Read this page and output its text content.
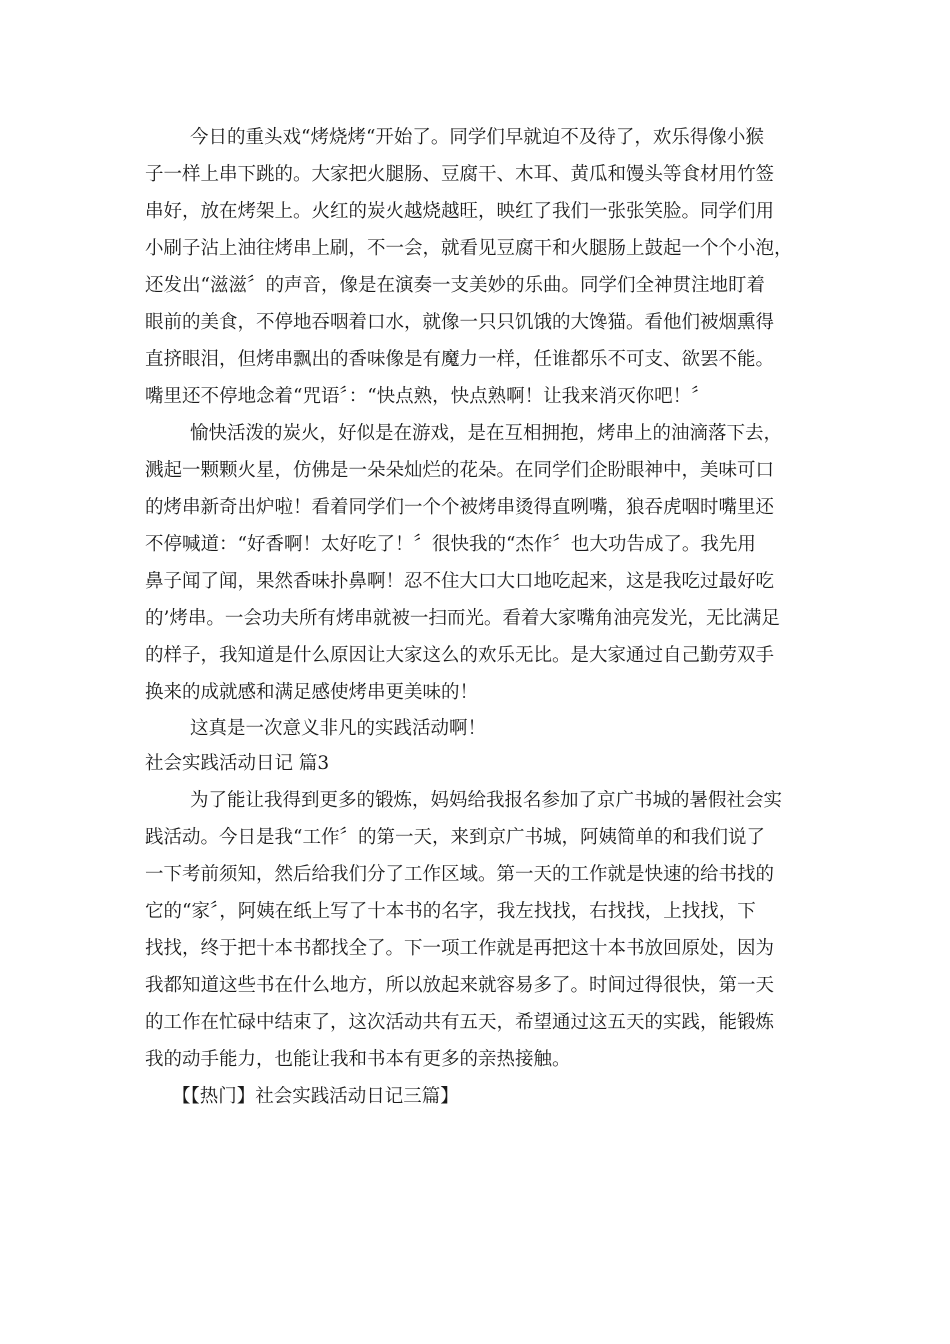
今日的重头戏“烤烧烤“开始了。同学们早就迫不及待了，欢乐得像小猴
子一样上串下跳的。大家把火腿肠、豆腐干、木耳、黄瓜和馒头等食材用竹签
串好，放在烤架上。火红的炭火越烧越旺，映红了我们一张张笑脸。同学们用
小刷子沾上油往烤串上刷，不一会，就看见豆腐干和火腿肠上鼓起一个个小泡，
还发出“滋滋〞的声音，像是在演奏一支美妙的乐曲。同学们全神贯注地盯着
眼前的美食，不停地吞咽着口水，就像一只只饥饿的大馋猫。看他们被烟熏得
直挤眼泪，但烤串飘出的香味像是有魔力一样，任谁都乐不可支、欲罢不能。
嘴里还不停地念着“咒语〞：“快点熟，快点熟啊！让我来消灭你吧！〞
愉快活泼的炭火，好似是在游戏，是在互相拥抱，烤串上的油滴落下去，
溅起一颗颗火星，仿佛是一朵朵灿烂的花朵。在同学们企盼眼神中，美味可口
的烤串新奇出炉啦！看着同学们一个个被烤串烫得直咧嘴，狼吞虎咽时嘴里还
不停喊道：“好香啊！太好吃了！〞很快我的“杰作〞也大功告成了。我先用
鼻子闻了闻，果然香味扑鼻啊！忍不住大口大口地吃起来，这是我吃过最好吃
的’烤串。一会功夫所有烤串就被一扫而光。看着大家嘴角油亮发光，无比满足
的样子，我知道是什么原因让大家这么的欢乐无比。是大家通过自己勤劳双手
换来的成就感和满足感使烤串更美味的！
这真是一次意义非凡的实践活动啊！
社会实践活动日记 篇3
为了能让我得到更多的锻炼，妈妈给我报名参加了京广书城的暑假社会实
践活动。今日是我“工作〞的第一天，来到京广书城，阿姨简单的和我们说了
一下考前须知，然后给我们分了工作区域。第一天的工作就是快速的给书找的
它的“家〞，阿姨在纸上写了十本书的名字，我左找找，右找找，上找找，下
找找，终于把十本书都找全了。下一项工作就是再把这十本书放回原处，因为
我都知道这些书在什么地方，所以放起来就容易多了。时间过得很快，第一天
的工作在忙碌中结束了，这次活动共有五天，希望通过这五天的实践，能锻炼
我的动手能力，也能让我和书本有更多的亲热接触。
【【热门】社会实践活动日记三篇】
